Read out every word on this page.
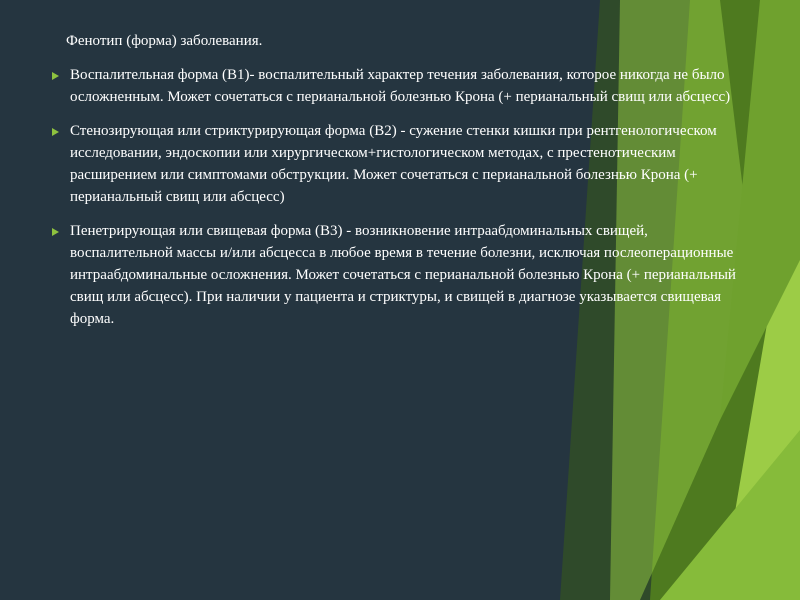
Фенотип (форма) заболевания.
Воспалительная форма (B1)- воспалительный характер течения заболевания, которое никогда не было осложненным. Может сочетаться с перианальной болезнью Крона (+ перианальный свищ или абсцесс)
Стенозирующая или стриктурирующая форма (B2) - сужение стенки кишки при рентгенологическом исследовании, эндоскопии или хирургическом+гистологическом методах, с престенотическим расширением или симптомами обструкции. Может сочетаться с перианальной болезнью Крона (+ перианальный свищ или абсцесс)
Пенетрирующая или свищевая форма (B3) - возникновение интраабдоминальных свищей, воспалительной массы и/или абсцесса в любое время в течение болезни, исключая послеоперационные интраабдоминальные осложнения. Может сочетаться с перианальной болезнью Крона (+ перианальный свищ или абсцесс). При наличии у пациента и стриктуры, и свищей в диагнозе указывается свищевая форма.
